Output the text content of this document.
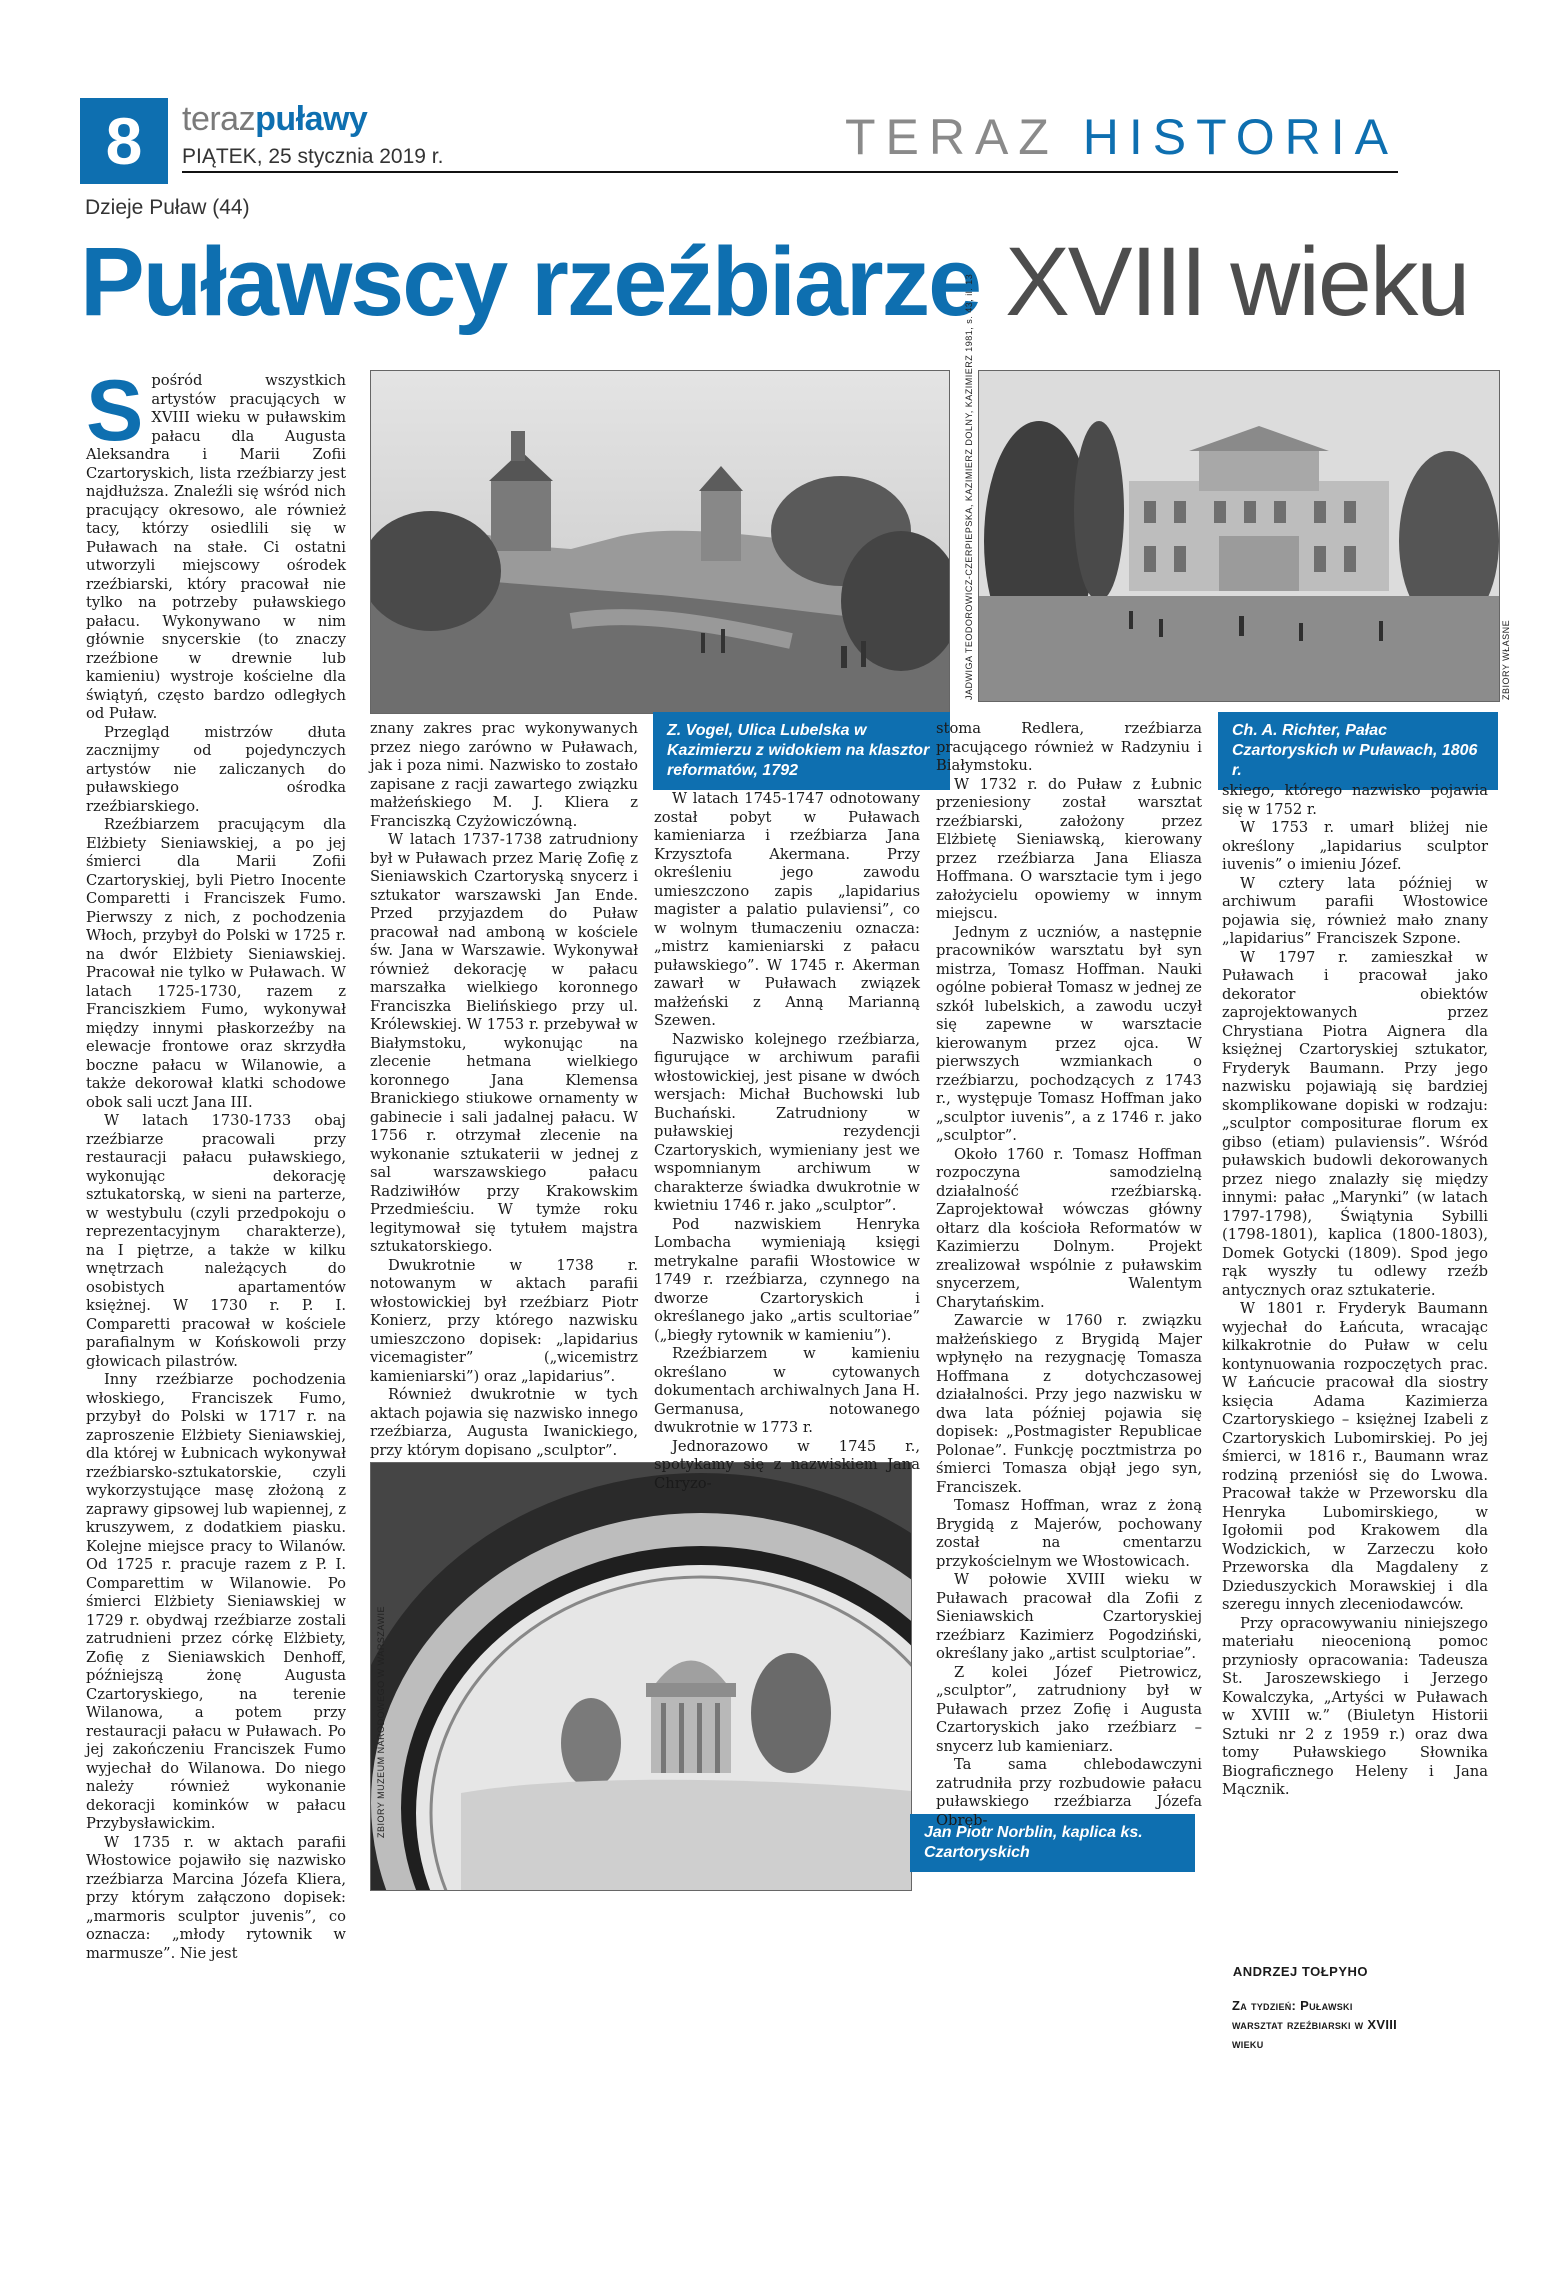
8	terazpuławy
PIĄTEK, 25 stycznia 2019 r.	TERAZ HISTORIA
Dzieje Puław (44)
Puławscy rzeźbiarze XVIII wieku
JADWIGA TEODOROWICZ-CZERPIEPSKA, KAZIMIERZ DOLNY, KAZIMIERZ 1981, s. 43, il. 13
Z. Vogel, Ulica Lubelska w Kazimierzu z widokiem na klasztor reformatów, 1792
ZBIORY WŁASNE
Ch. A. Richter, Pałac Czartoryskich w Puławach, 1806 r.
ZBIORY MUZEUM NARODOWEGO W WARSZAWIE	Jan Piotr Norblin, kaplica ks. Czartoryskich

Spośród wszystkich artystów pracujących w XVIII wieku w puławskim pałacu dla Augusta Aleksandra i Marii Zofii Czartoryskich, lista rzeźbiarzy jest najdłuższa. Znaleźli się wśród nich pracujący okresowo, ale również tacy, którzy osiedlili się w Puławach na stałe. Ci ostatni utworzyli miejscowy ośrodek rzeźbiarski, który pracował nie tylko na potrzeby puławskiego pałacu. Wykonywano w nim głównie snycerskie (to znaczy rzeźbione w drewnie lub kamieniu) wystroje kościelne dla świątyń, często bardzo odległych od Puław.

Przegląd mistrzów dłuta zacznijmy od pojedynczych artystów nie zaliczanych do puławskiego ośrodka rzeźbiarskiego.

Rzeźbiarzem pracującym dla Elżbiety Sieniawskiej, a po jej śmierci dla Marii Zofii Czartoryskiej, byli Pietro Inocente Comparetti i Franciszek Fumo. Pierwszy z nich, z pochodzenia Włoch, przybył do Polski w 1725 r. na dwór Elżbiety Sieniawskiej. Pracował nie tylko w Puławach. W latach 1725-1730, razem z Franciszkiem Fumo, wykonywał między innymi płaskorzeźby na elewacje frontowe oraz skrzydła boczne pałacu w Wilanowie, a także dekorował klatki schodowe obok sali uczt Jana III.

W latach 1730-1733 obaj rzeźbiarze pracowali przy restauracji pałacu puławskiego, wykonując dekorację sztukatorską, w sieni na parterze, w westybulu (czyli przedpokoju o reprezentacyjnym charakterze), na I piętrze, a także w kilku wnętrzach należących do osobistych apartamentów księżnej. W 1730 r. P. I. Comparetti pracował w kościele parafialnym w Końskowoli przy głowicach pilastrów.

Inny rzeźbiarze pochodzenia włoskiego, Franciszek Fumo, przybył do Polski w 1717 r. na zaproszenie Elżbiety Sieniawskiej, dla której w Łubnicach wykonywał rzeźbiarsko-sztukatorskie, czyli wykorzystujące masę złożoną z zaprawy gipsowej lub wapiennej, z kruszywem, z dodatkiem piasku. Kolejne miejsce pracy to Wilanów. Od 1725 r. pracuje razem z P. I. Comparettim w Wilanowie. Po śmierci Elżbiety Sieniawskiej w 1729 r. obydwaj rzeźbiarze zostali zatrudnieni przez córkę Elżbiety, Zofię z Sieniawskich Denhoff, późniejszą żonę Augusta Czartoryskiego, na terenie Wilanowa, a potem przy restauracji pałacu w Puławach. Po jej zakończeniu Franciszek Fumo wyjechał do Wilanowa. Do niego należy również wykonanie dekoracji kominków w pałacu Przybysławickim.

W 1735 r. w aktach parafii Włostowice pojawiło się nazwisko rzeźbiarza Marcina Józefa Kliera, przy którym załączono dopisek: „marmoris sculptor juvenis”, co oznacza: „młody rytownik w marmusze”. Nie jest

znany zakres prac wykonywanych przez niego zarówno w Puławach, jak i poza nimi. Nazwisko to zostało zapisane z racji zawartego związku małżeńskiego M. J. Kliera z Franciszką Czyżowiczówną.

W latach 1737-1738 zatrudniony był w Puławach przez Marię Zofię z Sieniawskich Czartoryską snycerz i sztukator warszawski Jan Ende. Przed przyjazdem do Puław pracował nad amboną w kościele św. Jana w Warszawie. Wykonywał również dekorację w pałacu marszałka wielkiego koronnego Franciszka Bielińskiego przy ul. Królewskiej. W 1753 r. przebywał w Białymstoku, wykonując na zlecenie hetmana wielkiego koronnego Jana Klemensa Branickiego stiukowe ornamenty w gabinecie i sali jadalnej pałacu. W 1756 r. otrzymał zlecenie na wykonanie sztukaterii w jednej z sal warszawskiego pałacu Radziwiłłów przy Krakowskim Przedmieściu. W tymże roku legitymował się tytułem majstra sztukatorskiego.

Dwukrotnie w 1738 r. notowanym w aktach parafii włostowickiej był rzeźbiarz Piotr Konierz, przy którego nazwisku umieszczono dopisek: „lapidarius vicemagister” („wicemistrz kamieniarski”) oraz „lapidarius”.

Również dwukrotnie w tych aktach pojawia się nazwisko innego rzeźbiarza, Augusta Iwanickiego, przy którym dopisano „sculptor”.

W latach 1745-1747 odnotowany został pobyt w Puławach kamieniarza i rzeźbiarza Jana Krzysztofa Akermana. Przy określeniu jego zawodu umieszczono zapis „lapidarius magister a palatio pulaviensi”, co w wolnym tłumaczeniu oznacza: „mistrz kamieniarski z pałacu puławskiego”. W 1745 r. Akerman zawarł w Puławach związek małżeński z Anną Marianną Szewen.

Nazwisko kolejnego rzeźbiarza, figurujące w archiwum parafii włostowickiej, jest pisane w dwóch wersjach: Michał Buchowski lub Buchański. Zatrudniony w puławskiej rezydencji Czartoryskich, wymieniany jest we wspomnianym archiwum w charakterze świadka dwukrotnie w kwietniu 1746 r. jako „sculptor”.

Pod nazwiskiem Henryka Lombacha wymieniają księgi metrykalne parafii Włostowice w 1749 r. rzeźbiarza, czynnego na dworze Czartoryskich i określanego jako „artis scultoriae” („biegły rytownik w kamieniu”).

Rzeźbiarzem w kamieniu określano w cytowanych dokumentach archiwalnych Jana H. Germanusa, notowanego dwukrotnie w 1773 r.

Jednorazowo w 1745 r., spotykamy się z nazwiskiem Jana Chryzo-

stoma Redlera, rzeźbiarza pracującego również w Radzyniu i Białymstoku.

W 1732 r. do Puław z Łubnic przeniesiony został warsztat rzeźbiarski, założony przez Elżbietę Sieniawską, kierowany przez rzeźbiarza Jana Eliasza Hoffmana. O warsztacie tym i jego założycielu opowiemy w innym miejscu.

Jednym z uczniów, a następnie pracowników warsztatu był syn mistrza, Tomasz Hoffman. Nauki ogólne pobierał Tomasz w jednej ze szkół lubelskich, a zawodu uczył się zapewne w warsztacie kierowanym przez ojca. W pierwszych wzmiankach o rzeźbiarzu, pochodzących z 1743 r., występuje Tomasz Hoffman jako „sculptor iuvenis”, a z 1746 r. jako „sculptor”.

Około 1760 r. Tomasz Hoffman rozpoczyna samodzielną działalność rzeźbiarską. Zaprojektował wówczas główny ołtarz dla kościoła Reformatów w Kazimierzu Dolnym. Projekt zrealizował wspólnie z puławskim snycerzem, Walentym Charytańskim.

Zawarcie w 1760 r. związku małżeńskiego z Brygidą Majer wpłynęło na rezygnację Tomasza Hoffmana z dotychczasowej działalności. Przy jego nazwisku w dwa lata później pojawia się dopisek: „Postmagister Republicae Polonae”. Funkcję pocztmistrza po śmierci Tomasza objął jego syn, Franciszek.

Tomasz Hoffman, wraz z żoną Brygidą z Majerów, pochowany został na cmentarzu przykościelnym we Włostowicach.

W połowie XVIII wieku w Puławach pracował dla Zofii z Sieniawskich Czartoryskiej rzeźbiarz Kazimierz Pogodziński, określany jako „artist sculptoriae”.

Z kolei Józef Pietrowicz, „sculptor”, zatrudniony był w Puławach przez Zofię i Augusta Czartoryskich jako rzeźbiarz – snycerz lub kamieniarz.

Ta sama chlebodawczyni zatrudniła przy rozbudowie pałacu puławskiego rzeźbiarza Józefa Obręb-

skiego, którego nazwisko pojawia się w 1752 r.

W 1753 r. umarł bliżej nie określony „lapidarius sculptor iuvenis” o imieniu Józef.

W cztery lata później w archiwum parafii Włostowice pojawia się, również mało znany „lapidarius” Franciszek Szpone.

W 1797 r. zamieszkał w Puławach i pracował jako dekorator obiektów zaprojektowanych przez Chrystiana Piotra Aignera dla księżnej Czartoryskiej sztukator, Fryderyk Baumann. Przy jego nazwisku pojawiają się bardziej skomplikowane dopiski w rodzaju: „sculptor compositurae florum ex gibso (etiam) pulaviensis”. Wśród puławskich budowli dekorowanych przez niego znalazły się między innymi: pałac „Marynki” (w latach 1797-1798), Świątynia Sybilli (1798-1801), kaplica (1800-1803), Domek Gotycki (1809). Spod jego rąk wyszły tu odlewy rzeźb antycznych oraz sztukaterie.

W 1801 r. Fryderyk Baumann wyjechał do Łańcuta, wracając kilkakrotnie do Puław w celu kontynuowania rozpoczętych prac. W Łańcucie pracował dla siostry księcia Adama Kazimierza Czartoryskiego – księżnej Izabeli z Czartoryskich Lubomirskiej. Po jej śmierci, w 1816 r., Baumann wraz rodziną przeniósł się do Lwowa. Pracował także w Przeworsku dla Henryka Lubomirskiego, w Igołomii pod Krakowem dla Wodzickich, w Zarzeczu koło Przeworska dla Magdaleny z Dzieduszyckich Morawskiej i dla szeregu innych zleceniodawców.

Przy opracowywaniu niniejszego materiału nieocenioną pomoc przyniosły opracowania: Tadeusza St. Jaroszewskiego i Jerzego Kowalczyka, „Artyści w Puławach w XVIII w.” (Biuletyn Historii Sztuki nr 2 z 1959 r.) oraz dwa tomy Puławskiego Słownika Biograficznego Heleny i Jana Mącznik.

ANDRZEJ TOŁPYHO
Za tydzień: Puławski warsztat rzeźbiarski w XVIII wieku
